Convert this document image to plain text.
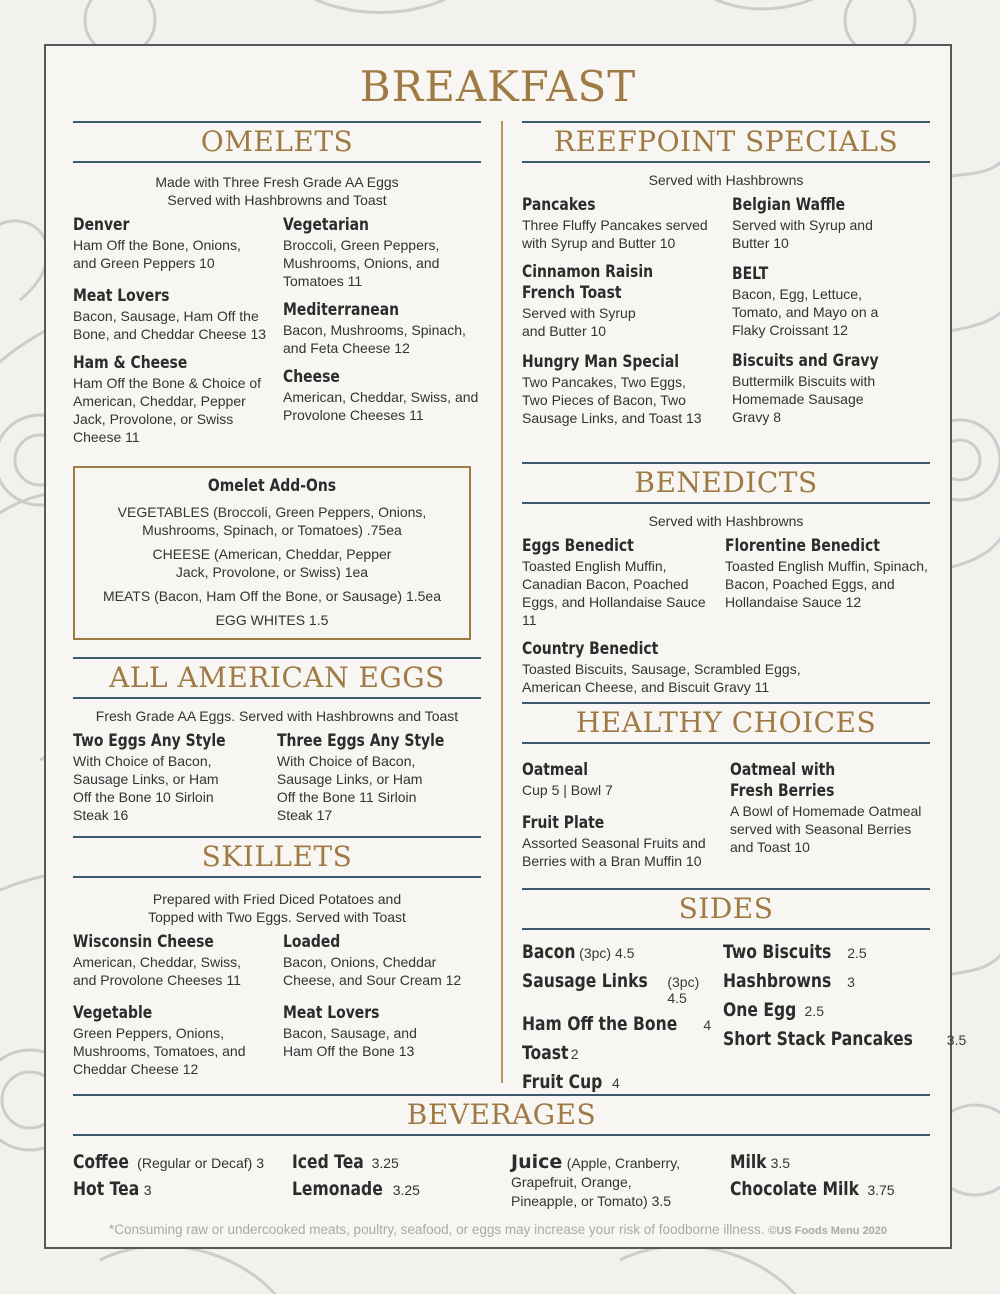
BREAKFAST
OMELETS
Made with Three Fresh Grade AA Eggs
Served with Hashbrowns and Toast
Denver
Ham Off the Bone, Onions, and Green Peppers 10
Meat Lovers
Bacon, Sausage, Ham Off the Bone, and Cheddar Cheese 13
Ham & Cheese
Ham Off the Bone & Choice of American, Cheddar, Pepper Jack, Provolone, or Swiss Cheese 11
Vegetarian
Broccoli, Green Peppers, Mushrooms, Onions, and Tomatoes 11
Mediterranean
Bacon, Mushrooms, Spinach, and Feta Cheese 12
Cheese
American, Cheddar, Swiss, and Provolone Cheeses 11
Omelet Add-Ons
VEGETABLES (Broccoli, Green Peppers, Onions, Mushrooms, Spinach, or Tomatoes) .75ea
CHEESE (American, Cheddar, Pepper Jack, Provolone, or Swiss) 1ea
MEATS (Bacon, Ham Off the Bone, or Sausage) 1.5ea
EGG WHITES 1.5
ALL AMERICAN EGGS
Fresh Grade AA Eggs. Served with Hashbrowns and Toast
Two Eggs Any Style
With Choice of Bacon, Sausage Links, or Ham Off the Bone 10 Sirloin Steak 16
Three Eggs Any Style
With Choice of Bacon, Sausage Links, or Ham Off the Bone 11 Sirloin Steak 17
SKILLETS
Prepared with Fried Diced Potatoes and
Topped with Two Eggs. Served with Toast
Wisconsin Cheese
American, Cheddar, Swiss, and Provolone Cheeses 11
Loaded
Bacon, Onions, Cheddar Cheese, and Sour Cream 12
Vegetable
Green Peppers, Onions, Mushrooms, Tomatoes, and Cheddar Cheese 12
Meat Lovers
Bacon, Sausage, and Ham Off the Bone 13
REEFPOINT SPECIALS
Served with Hashbrowns
Pancakes
Three Fluffy Pancakes served with Syrup and Butter 10
Cinnamon Raisin French Toast
Served with Syrup and Butter 10
Hungry Man Special
Two Pancakes, Two Eggs, Two Pieces of Bacon, Two Sausage Links, and Toast 13
Belgian Waffle
Served with Syrup and Butter 10
BELT
Bacon, Egg, Lettuce, Tomato, and Mayo on a Flaky Croissant 12
Biscuits and Gravy
Buttermilk Biscuits with Homemade Sausage Gravy 8
BENEDICTS
Served with Hashbrowns
Eggs Benedict
Toasted English Muffin, Canadian Bacon, Poached Eggs, and Hollandaise Sauce 11
Florentine Benedict
Toasted English Muffin, Spinach, Bacon, Poached Eggs, and Hollandaise Sauce 12
Country Benedict
Toasted Biscuits, Sausage, Scrambled Eggs, American Cheese, and Biscuit Gravy 11
HEALTHY CHOICES
Oatmeal
Cup 5 | Bowl 7
Fruit Plate
Assorted Seasonal Fruits and Berries with a Bran Muffin 10
Oatmeal with Fresh Berries
A Bowl of Homemade Oatmeal served with Seasonal Berries and Toast 10
SIDES
Bacon (3pc) 4.5
Sausage Links (3pc) 4.5
Ham Off the Bone 4
Toast 2
Fruit Cup 4
Two Biscuits 2.5
Hashbrowns 3
One Egg 2.5
Short Stack Pancakes 3.5
BEVERAGES
Coffee (Regular or Decaf) 3
Hot Tea 3
Iced Tea 3.25
Lemonade 3.25
Juice (Apple, Cranberry, Grapefruit, Orange, Pineapple, or Tomato) 3.5
Milk 3.5
Chocolate Milk 3.75
*Consuming raw or undercooked meats, poultry, seafood, or eggs may increase your risk of foodborne illness. ©US Foods Menu 2020
